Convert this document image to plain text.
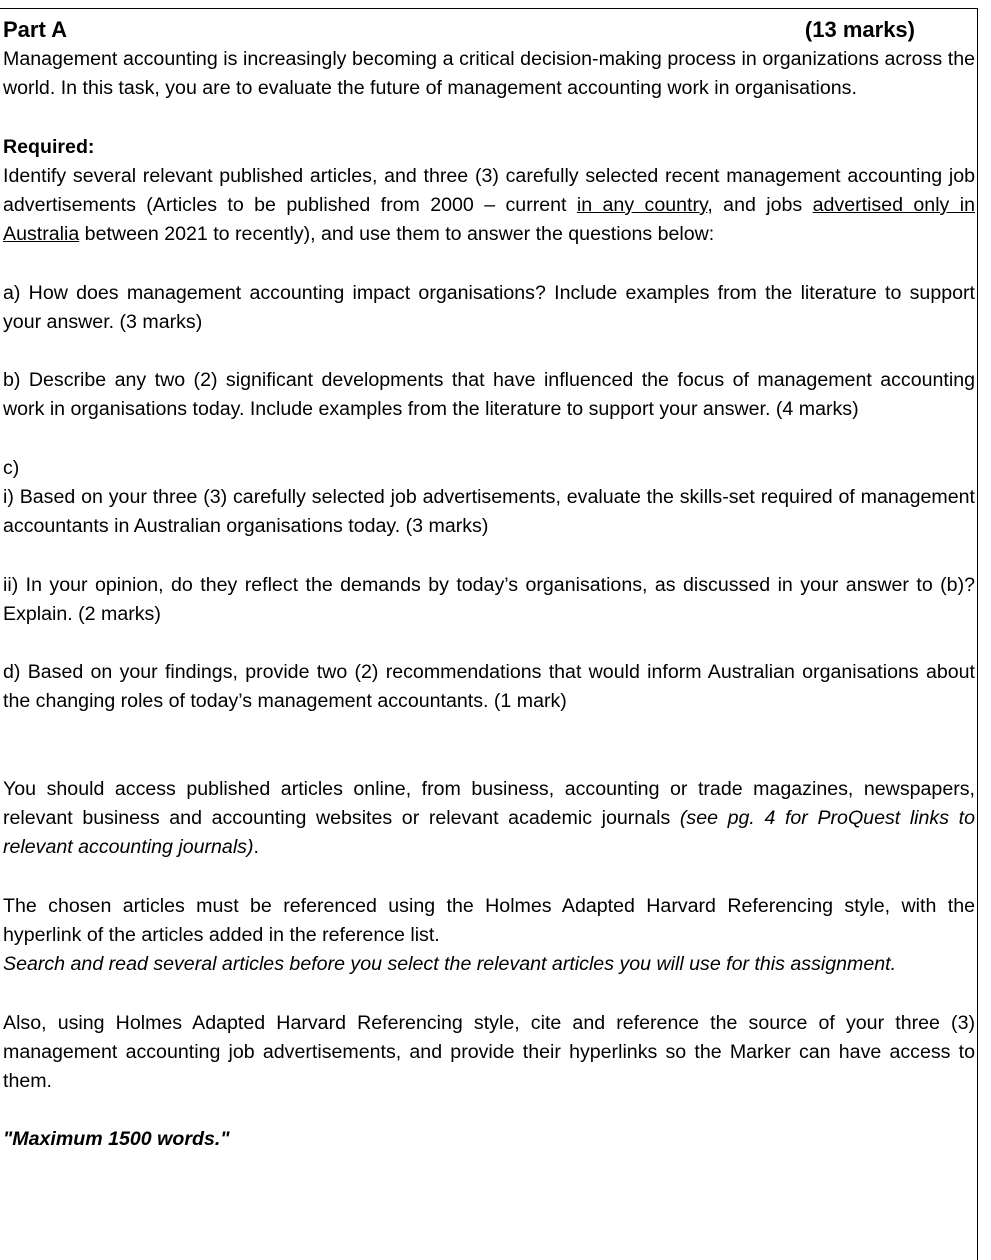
Part A	(13 marks)

Management accounting is increasingly becoming a critical decision-making process in organizations across the world. In this task, you are to evaluate the future of management accounting work in organisations.

Required:

Identify several relevant published articles, and three (3) carefully selected recent management accounting job advertisements (Articles to be published from 2000 – current in any country, and jobs advertised only in Australia between 2021 to recently), and use them to answer the questions below:

a) How does management accounting impact organisations? Include examples from the literature to support your answer. (3 marks)

b) Describe any two (2) significant developments that have influenced the focus of management accounting work in organisations today. Include examples from the literature to support your answer. (4 marks)

c)

i) Based on your three (3) carefully selected job advertisements, evaluate the skills-set required of management accountants in Australian organisations today. (3 marks)

ii) In your opinion, do they reflect the demands by today’s organisations, as discussed in your answer to (b)? Explain. (2 marks)

d) Based on your findings, provide two (2) recommendations that would inform Australian organisations about the changing roles of today’s management accountants. (1 mark)

You should access published articles online, from business, accounting or trade magazines, newspapers, relevant business and accounting websites or relevant academic journals (see pg. 4 for ProQuest links to relevant accounting journals).

The chosen articles must be referenced using the Holmes Adapted Harvard Referencing style, with the hyperlink of the articles added in the reference list.

Search and read several articles before you select the relevant articles you will use for this assignment.

Also, using Holmes Adapted Harvard Referencing style, cite and reference the source of your three (3) management accounting job advertisements, and provide their hyperlinks so the Marker can have access to them.

"Maximum 1500 words."
